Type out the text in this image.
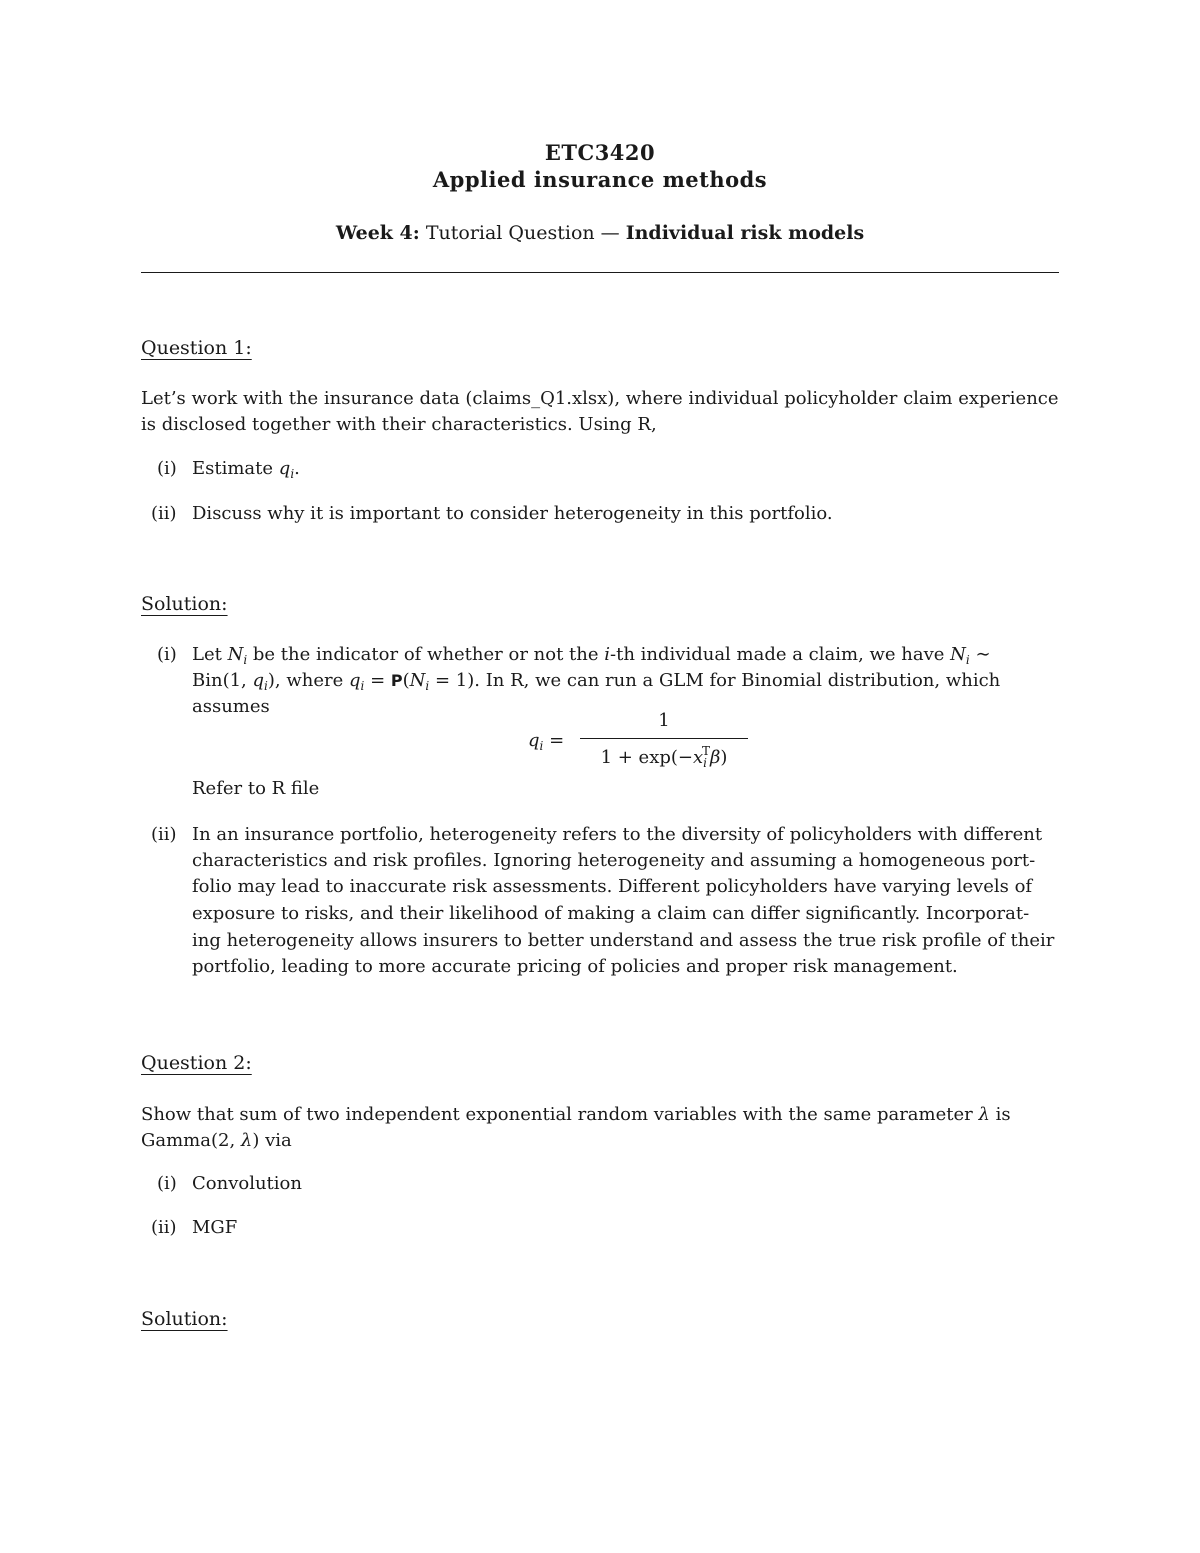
ETC3420
Applied insurance methods
Week 4: Tutorial Question — Individual risk models
Question 1:
Let’s work with the insurance data (claims_Q1.xlsx), where individual policyholder claim experience
is disclosed together with their characteristics. Using R,
(i) Estimate $q_i$.
(ii) Discuss why it is important to consider heterogeneity in this portfolio.
Solution:
(i) Let $N_i$ be the indicator of whether or not the i-th individual made a claim, we have $N_i$ ∼
Bin(1, $q_i$), where $q_i = P(N_i = 1)$. In R, we can run a GLM for Binomial distribution, which
assumes
$q_i$ =
1
$1 + \exp(-x_i^T\beta)$
Refer to R file
(ii) In an insurance portfolio, heterogeneity refers to the diversity of policyholders with different
characteristics and risk profiles. Ignoring heterogeneity and assuming a homogeneous port-
folio may lead to inaccurate risk assessments. Different policyholders have varying levels of
exposure to risks, and their likelihood of making a claim can differ significantly. Incorporat-
ing heterogeneity allows insurers to better understand and assess the true risk profile of their
portfolio, leading to more accurate pricing of policies and proper risk management.
Question 2:
Show that sum of two independent exponential random variables with the same parameter λ is
Gamma(2, λ) via
(i) Convolution
(ii) MGF
Solution:
